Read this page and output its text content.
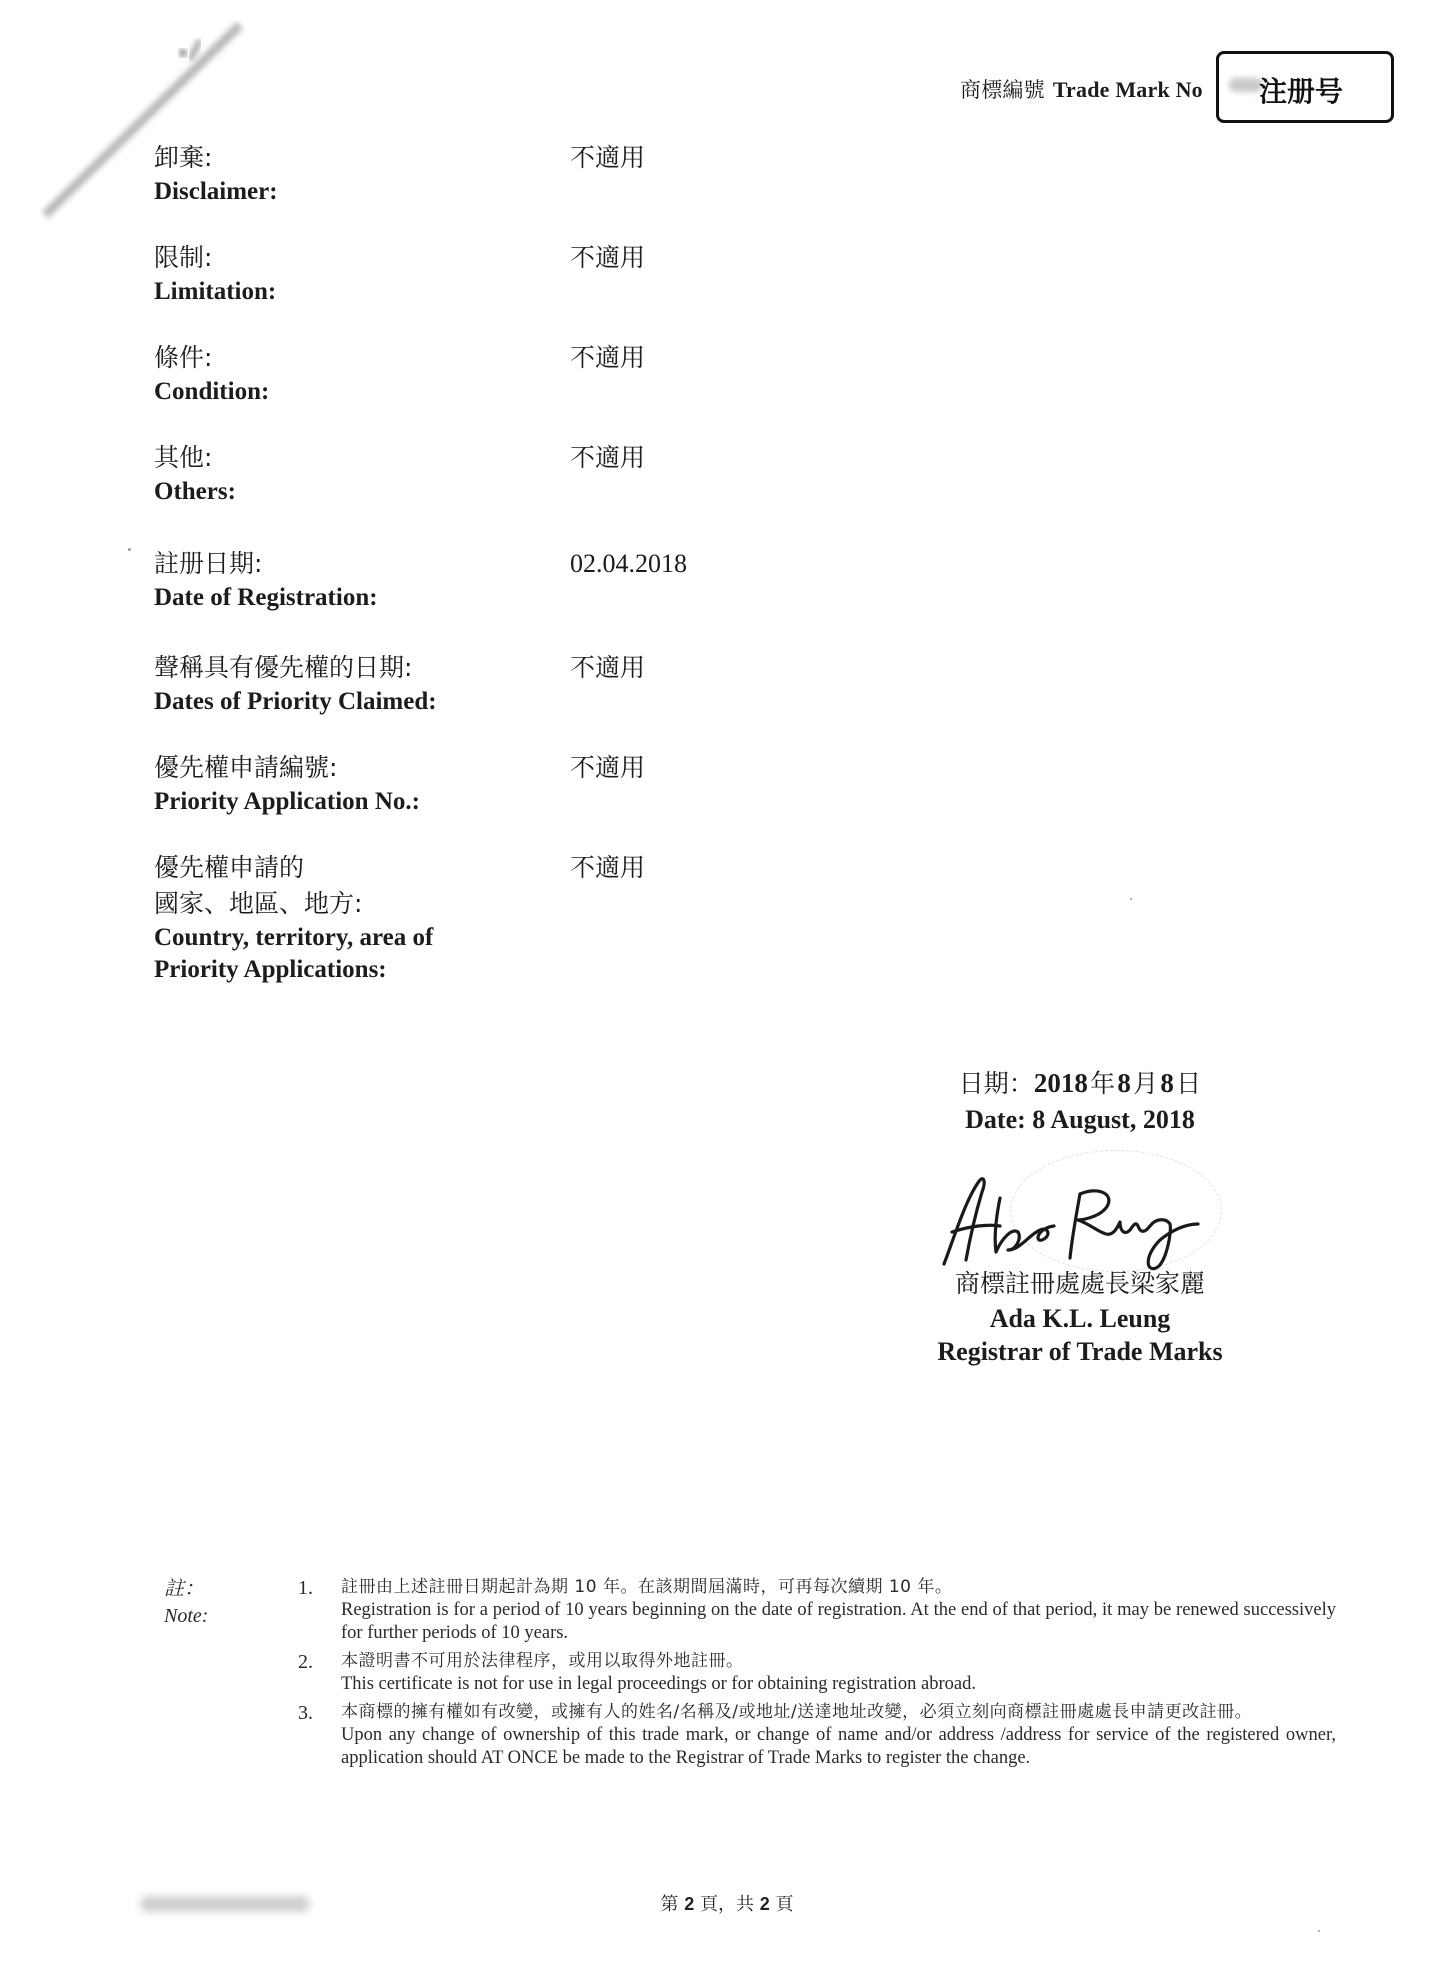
商標編號 Trade Mark No 注册号
卸棄:
Disclaimer:
不適用
限制:
Limitation:
不適用
條件:
Condition:
不適用
其他:
Others:
不適用
註册日期:
Date of Registration:
02.04.2018
聲稱具有優先權的日期:
Dates of Priority Claimed:
不適用
優先權申請編號:
Priority Application No.:
不適用
優先權申請的
國家、地區、地方:
Country, territory, area of
Priority Applications:
不適用
日期：2018 年 8 月 8 日
Date: 8 August, 2018
商標註冊處處長梁家麗
Ada K.L. Leung
Registrar of Trade Marks
註：
Note:
1. 註冊由上述註冊日期起計為期 10 年。在該期間屆滿時，可再每次續期 10 年。
Registration is for a period of 10 years beginning on the date of registration. At the end of that period, it may be renewed successively for further periods of 10 years.
2. 本證明書不可用於法律程序，或用以取得外地註冊。
This certificate is not for use in legal proceedings or for obtaining registration abroad.
3. 本商標的擁有權如有改變，或擁有人的姓名/名稱及/或地址/送達地址改變，必須立刻向商標註冊處處長申請更改註冊。
Upon any change of ownership of this trade mark, or change of name and/or address /address for service of the registered owner, application should AT ONCE be made to the Registrar of Trade Marks to register the change.
第 2 頁，共 2 頁
